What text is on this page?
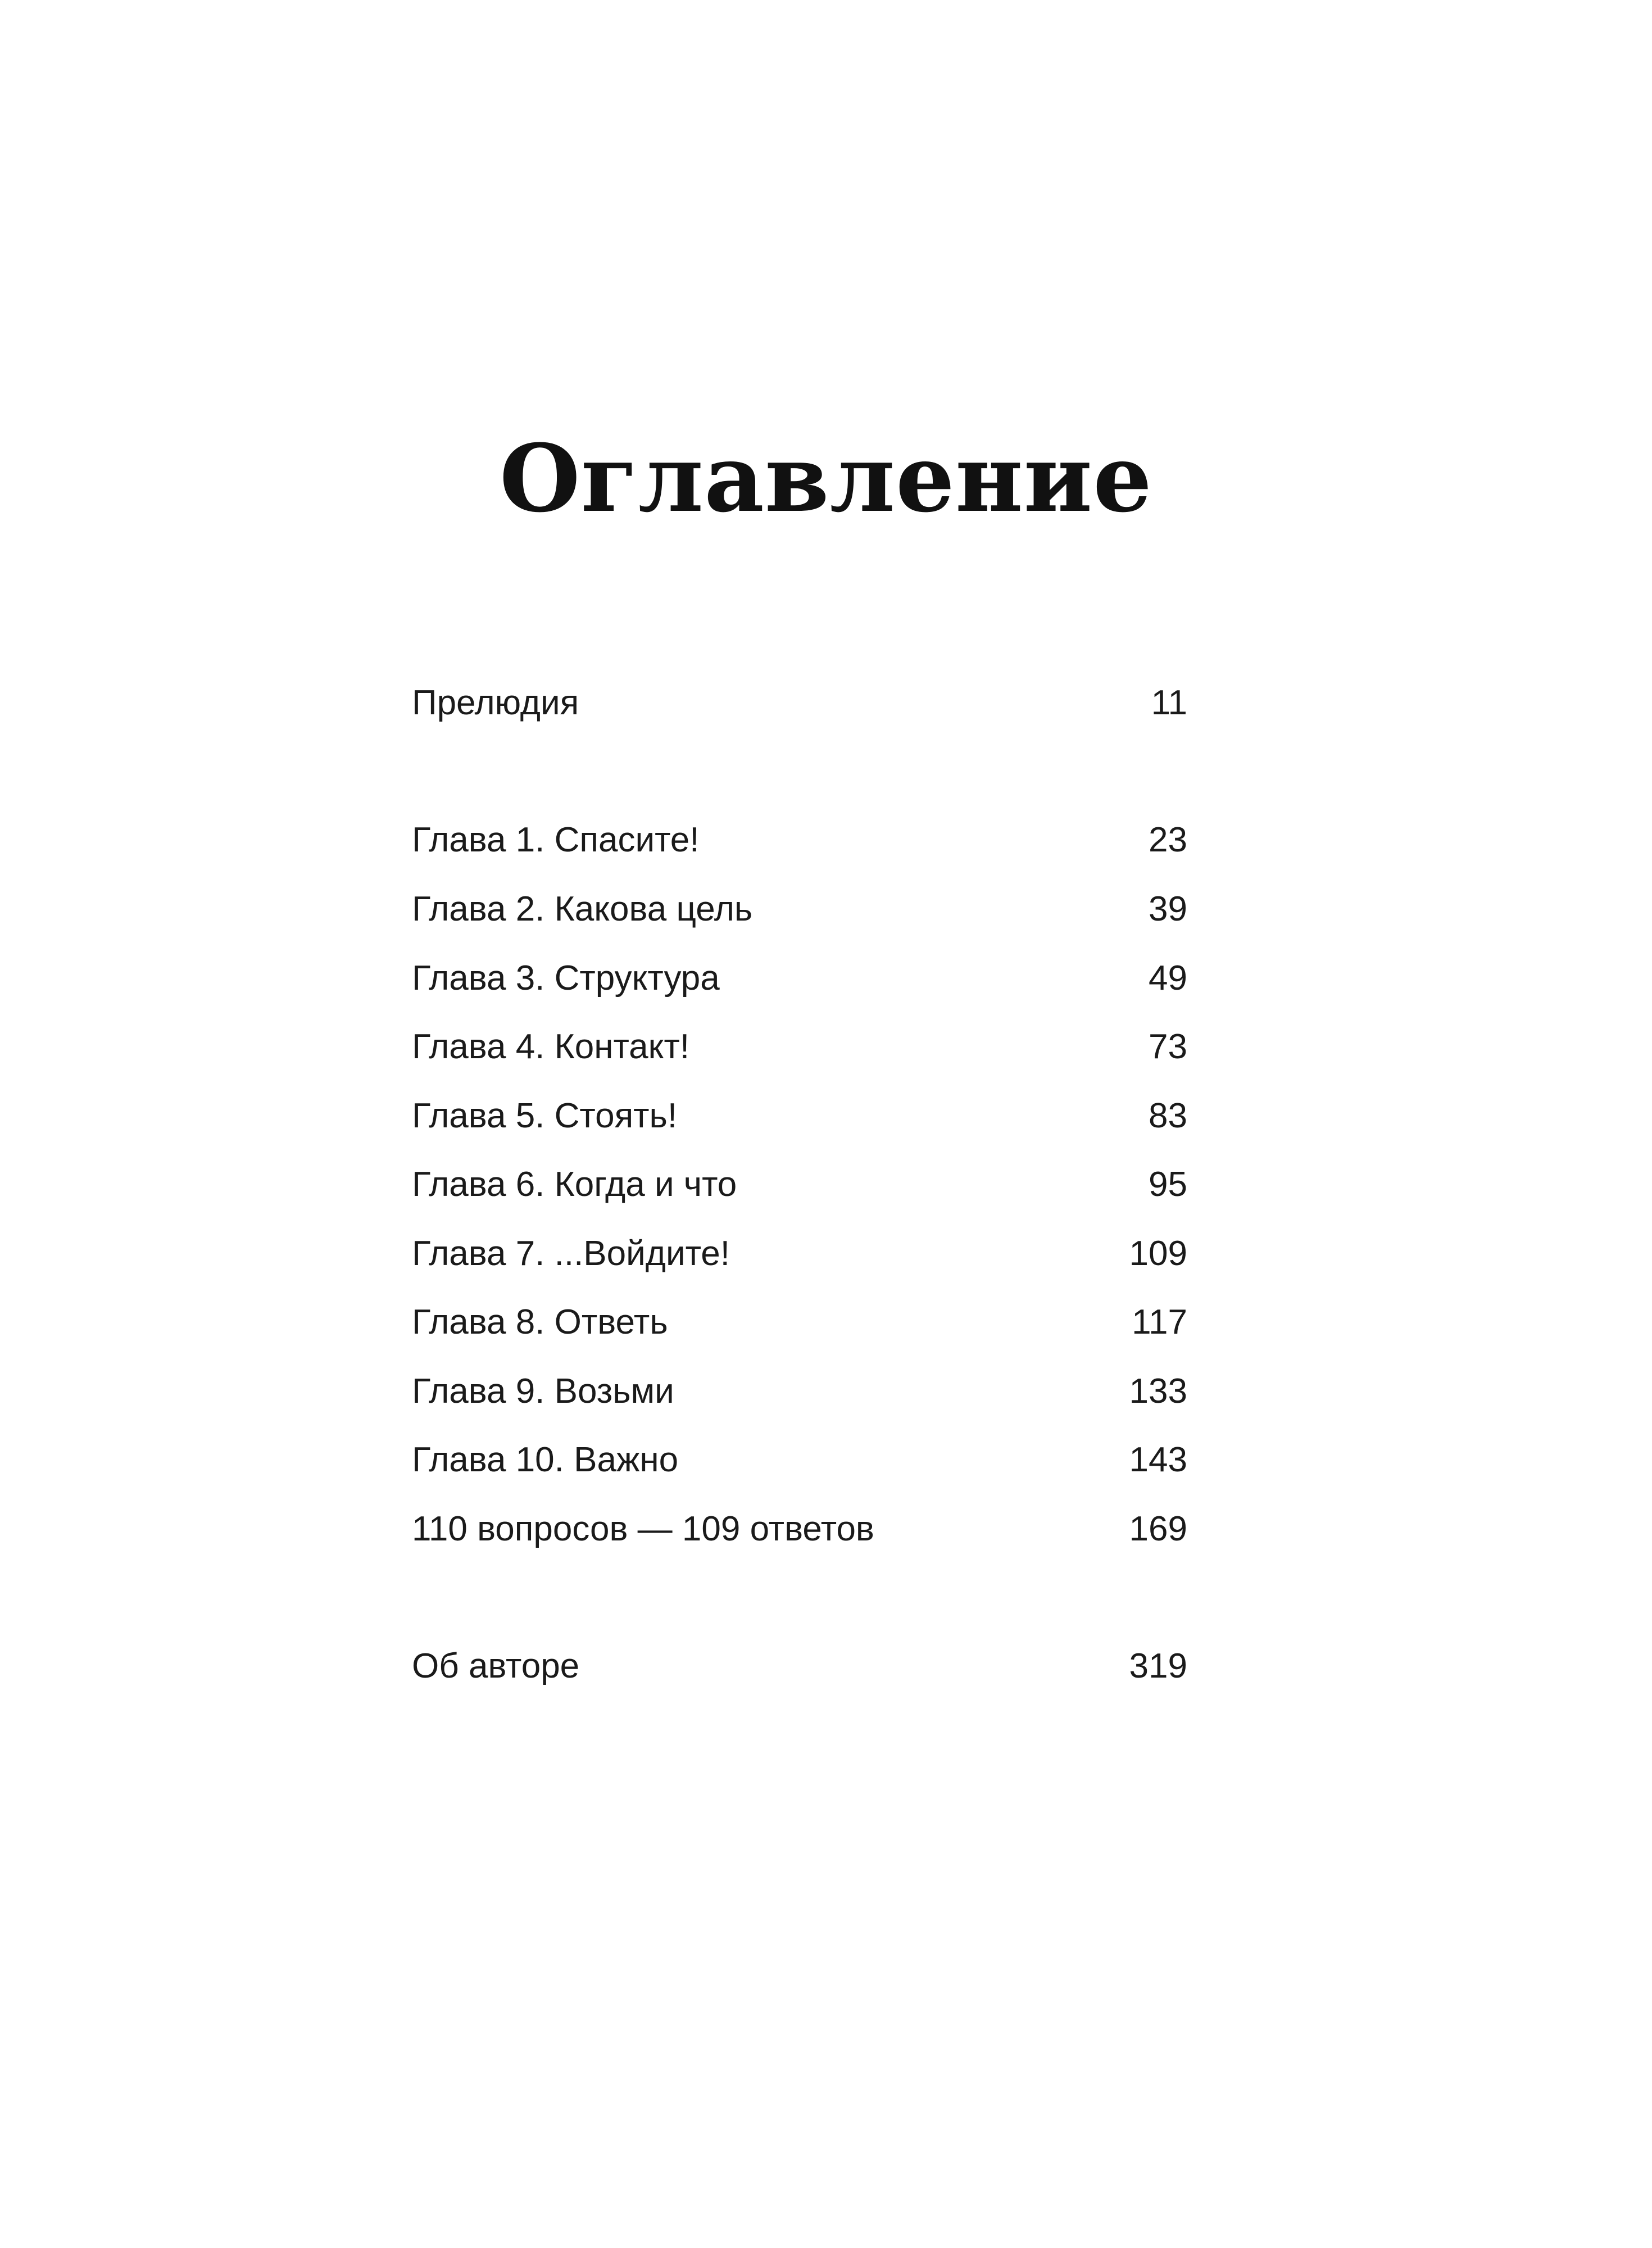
Оглавление
Прелюдия	11
Глава 1. Спасите!	23
Глава 2. Какова цель	39
Глава 3. Структура	49
Глава 4. Контакт!	73
Глава 5. Стоять!	83
Глава 6. Когда и что	95
Глава 7. ...Войдите!	109
Глава 8. Ответь	117
Глава 9. Возьми	133
Глава 10. Важно	143
110 вопросов — 109 ответов	169
Об авторе	319
